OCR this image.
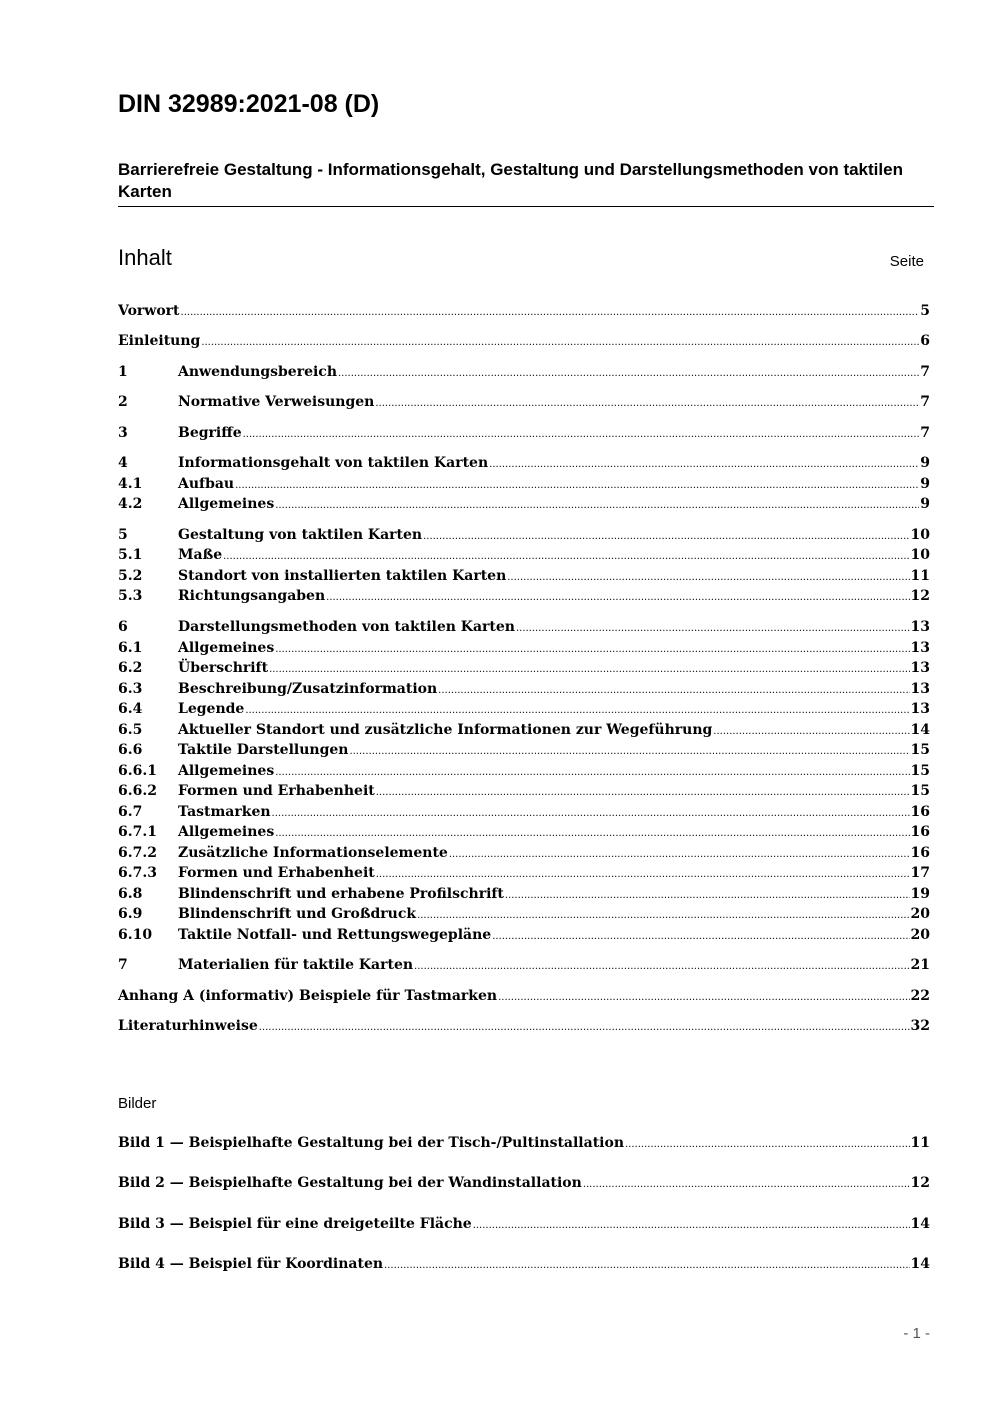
DIN 32989:2021-08 (D)
Barrierefreie Gestaltung - Informationsgehalt, Gestaltung und Darstellungsmethoden von taktilen Karten
Inhalt	Seite
Vorwort .....	5
Einleitung .....	6
1	Anwendungsbereich .....	7
2	Normative Verweisungen .....	7
3	Begriffe .....	7
4	Informationsgehalt von taktilen Karten .....	9
4.1	Aufbau .....	9
4.2	Allgemeines .....	9
5	Gestaltung von taktilen Karten .....	10
5.1	Maße .....	10
5.2	Standort von installierten taktilen Karten .....	11
5.3	Richtungsangaben .....	12
6	Darstellungsmethoden von taktilen Karten .....	13
6.1	Allgemeines .....	13
6.2	Überschrift .....	13
6.3	Beschreibung/Zusatzinformation .....	13
6.4	Legende .....	13
6.5	Aktueller Standort und zusätzliche Informationen zur Wegeführung .....	14
6.6	Taktile Darstellungen .....	15
6.6.1	Allgemeines .....	15
6.6.2	Formen und Erhabenheit .....	15
6.7	Tastmarken .....	16
6.7.1	Allgemeines .....	16
6.7.2	Zusätzliche Informationselemente .....	16
6.7.3	Formen und Erhabenheit .....	17
6.8	Blindenschrift und erhabene Profilschrift .....	19
6.9	Blindenschrift und Großdruck .....	20
6.10	Taktile Notfall- und Rettungswegepläne .....	20
7	Materialien für taktile Karten .....	21
Anhang A (informativ) Beispiele für Tastmarken .....	22
Literaturhinweise .....	32
Bilder
Bild 1 — Beispielhafte Gestaltung bei der Tisch-/Pultinstallation .....	11
Bild 2 — Beispielhafte Gestaltung bei der Wandinstallation .....	12
Bild 3 — Beispiel für eine dreigeteilte Fläche .....	14
Bild 4 — Beispiel für Koordinaten .....	14
- 1 -
